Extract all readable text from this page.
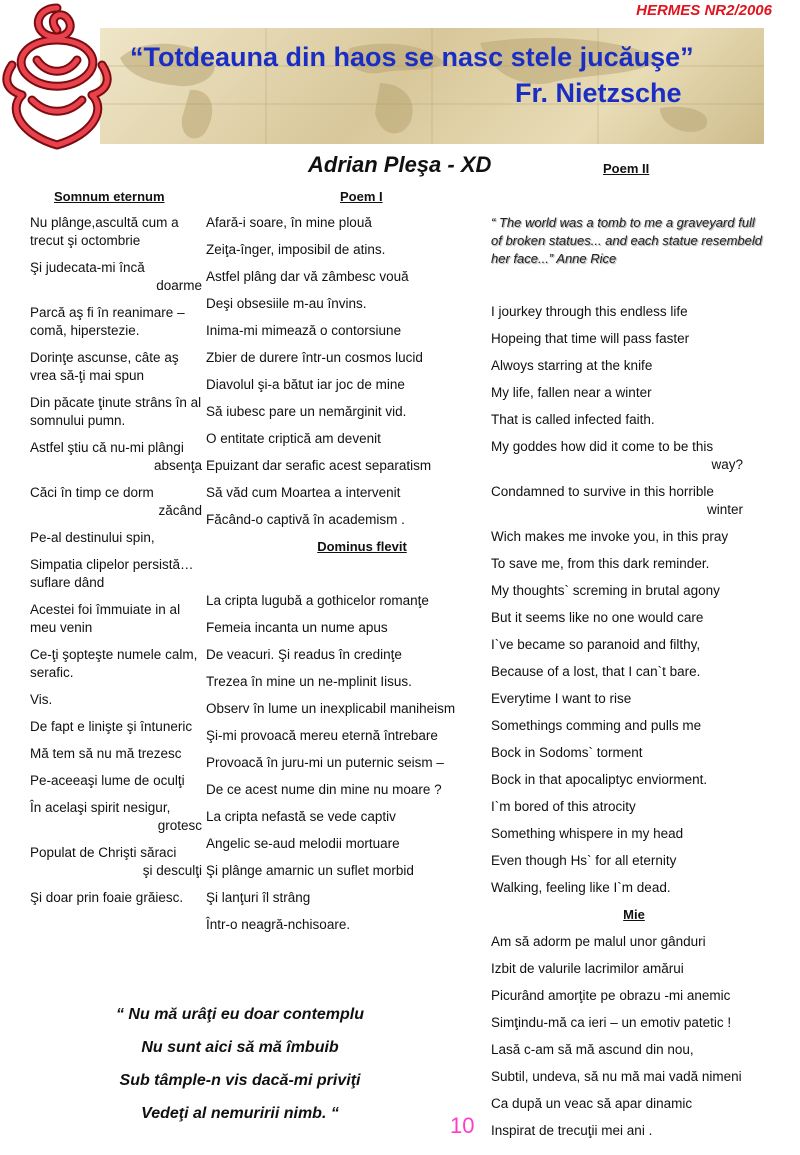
HERMES NR2/2006
“Totdeauna din haos se nasc stele jucăuşe”
Fr. Nietzsche
Adrian Pleşa - XD
Somnum eternum	Poem I
Poem II
Nu plânge,ascultă cum a trecut şi octombrie
Şi judecata-mi încă
doarme
Parcă aş fi în reanimare – comă, hiperstezie.
Dorinţe ascunse, câte aş vrea să-ţi mai spun
Din păcate ţinute strâns în al somnului pumn.
Astfel ştiu că nu-mi plângi
absenţa
Căci în timp ce dorm
zăcând
Pe-al destinului spin,
Simpatia clipelor persistă… suflare dând
Acestei foi îmmuiate in al meu venin
Ce-ţi şopteşte numele calm, serafic.
Vis.
De fapt e linişte şi întuneric
Mă tem să nu mă trezesc
Pe-aceeaşi lume de oculţi
În acelaşi spirit nesigur,
grotesc
Populat de Chrişti săraci
şi desculţi
Şi doar prin foaie grăiesc.
Afară-i soare, în mine plouă
Zeiţa-înger, imposibil de atins.
Astfel plâng dar vă zâmbesc vouă
Deşi obsesiile m-au învins.
Inima-mi mimează o contorsiune
Zbier de durere într-un cosmos lucid
Diavolul şi-a bătut iar joc de mine
Să iubesc pare un nemărginit vid.
O entitate criptică am devenit
Epuizant dar serafic acest separatism
Să văd cum Moartea a intervenit
Făcând-o captivă în academism .
Dominus flevit
La cripta lugubă a gothicelor romanţe
Femeia incanta un nume apus
De veacuri. Şi readus în credinţe
Trezea în mine un ne-mplinit Iisus.
Observ în lume un inexplicabil maniheism
Şi-mi provoacă mereu eternă întrebare
Provoacă în juru-mi un puternic seism –
De ce acest nume din mine nu moare ?
La cripta nefastă se vede captiv
Angelic se-aud melodii mortuare
Şi plânge amarnic un suflet morbid
Şi lanţuri îl strâng
Într-o neagră-nchisoare.
“ The world was a tomb to me a graveyard full of broken statues... and each statue resembeld her face...” Anne Rice
I jourkey through this endless life
Hopeing that time will pass faster
Alwoys starring at the knife
My life, fallen near a winter
That is called infected faith.
My goddes how did it come to be this
way?
Condamned to survive in this horrible
winter
Wich makes me invoke you, in this pray
To save me, from this dark reminder.
My thoughts` screming in brutal agony
But it seems like no one would care
I`ve became so paranoid and filthy,
Because of a lost, that I can`t bare.
Everytime I want to rise
Somethings comming and pulls me
Bock in Sodoms` torment
Bock in that apocaliptyc enviorment.
I`m bored of this atrocity
Something whispere in my head
Even though Hs` for all eternity
Walking, feeling like I`m dead.
Mie
Am să adorm pe malul unor gânduri
Izbit de valurile lacrimilor amărui
Picurând amorţite pe obrazu -mi anemic
Simţindu-mă ca ieri – un emotiv patetic !
Lasă c-am să mă ascund din nou,
Subtil, undeva, să nu mă mai vadă nimeni
Ca după un veac să apar dinamic
Inspirat de trecuţii mei ani .
“ Nu mă urâţi eu doar contemplu
Nu sunt aici să mă îmbuib
Sub tâmple-n vis dacă-mi priviţi
Vedeţi al nemuririi nimb. “	10
